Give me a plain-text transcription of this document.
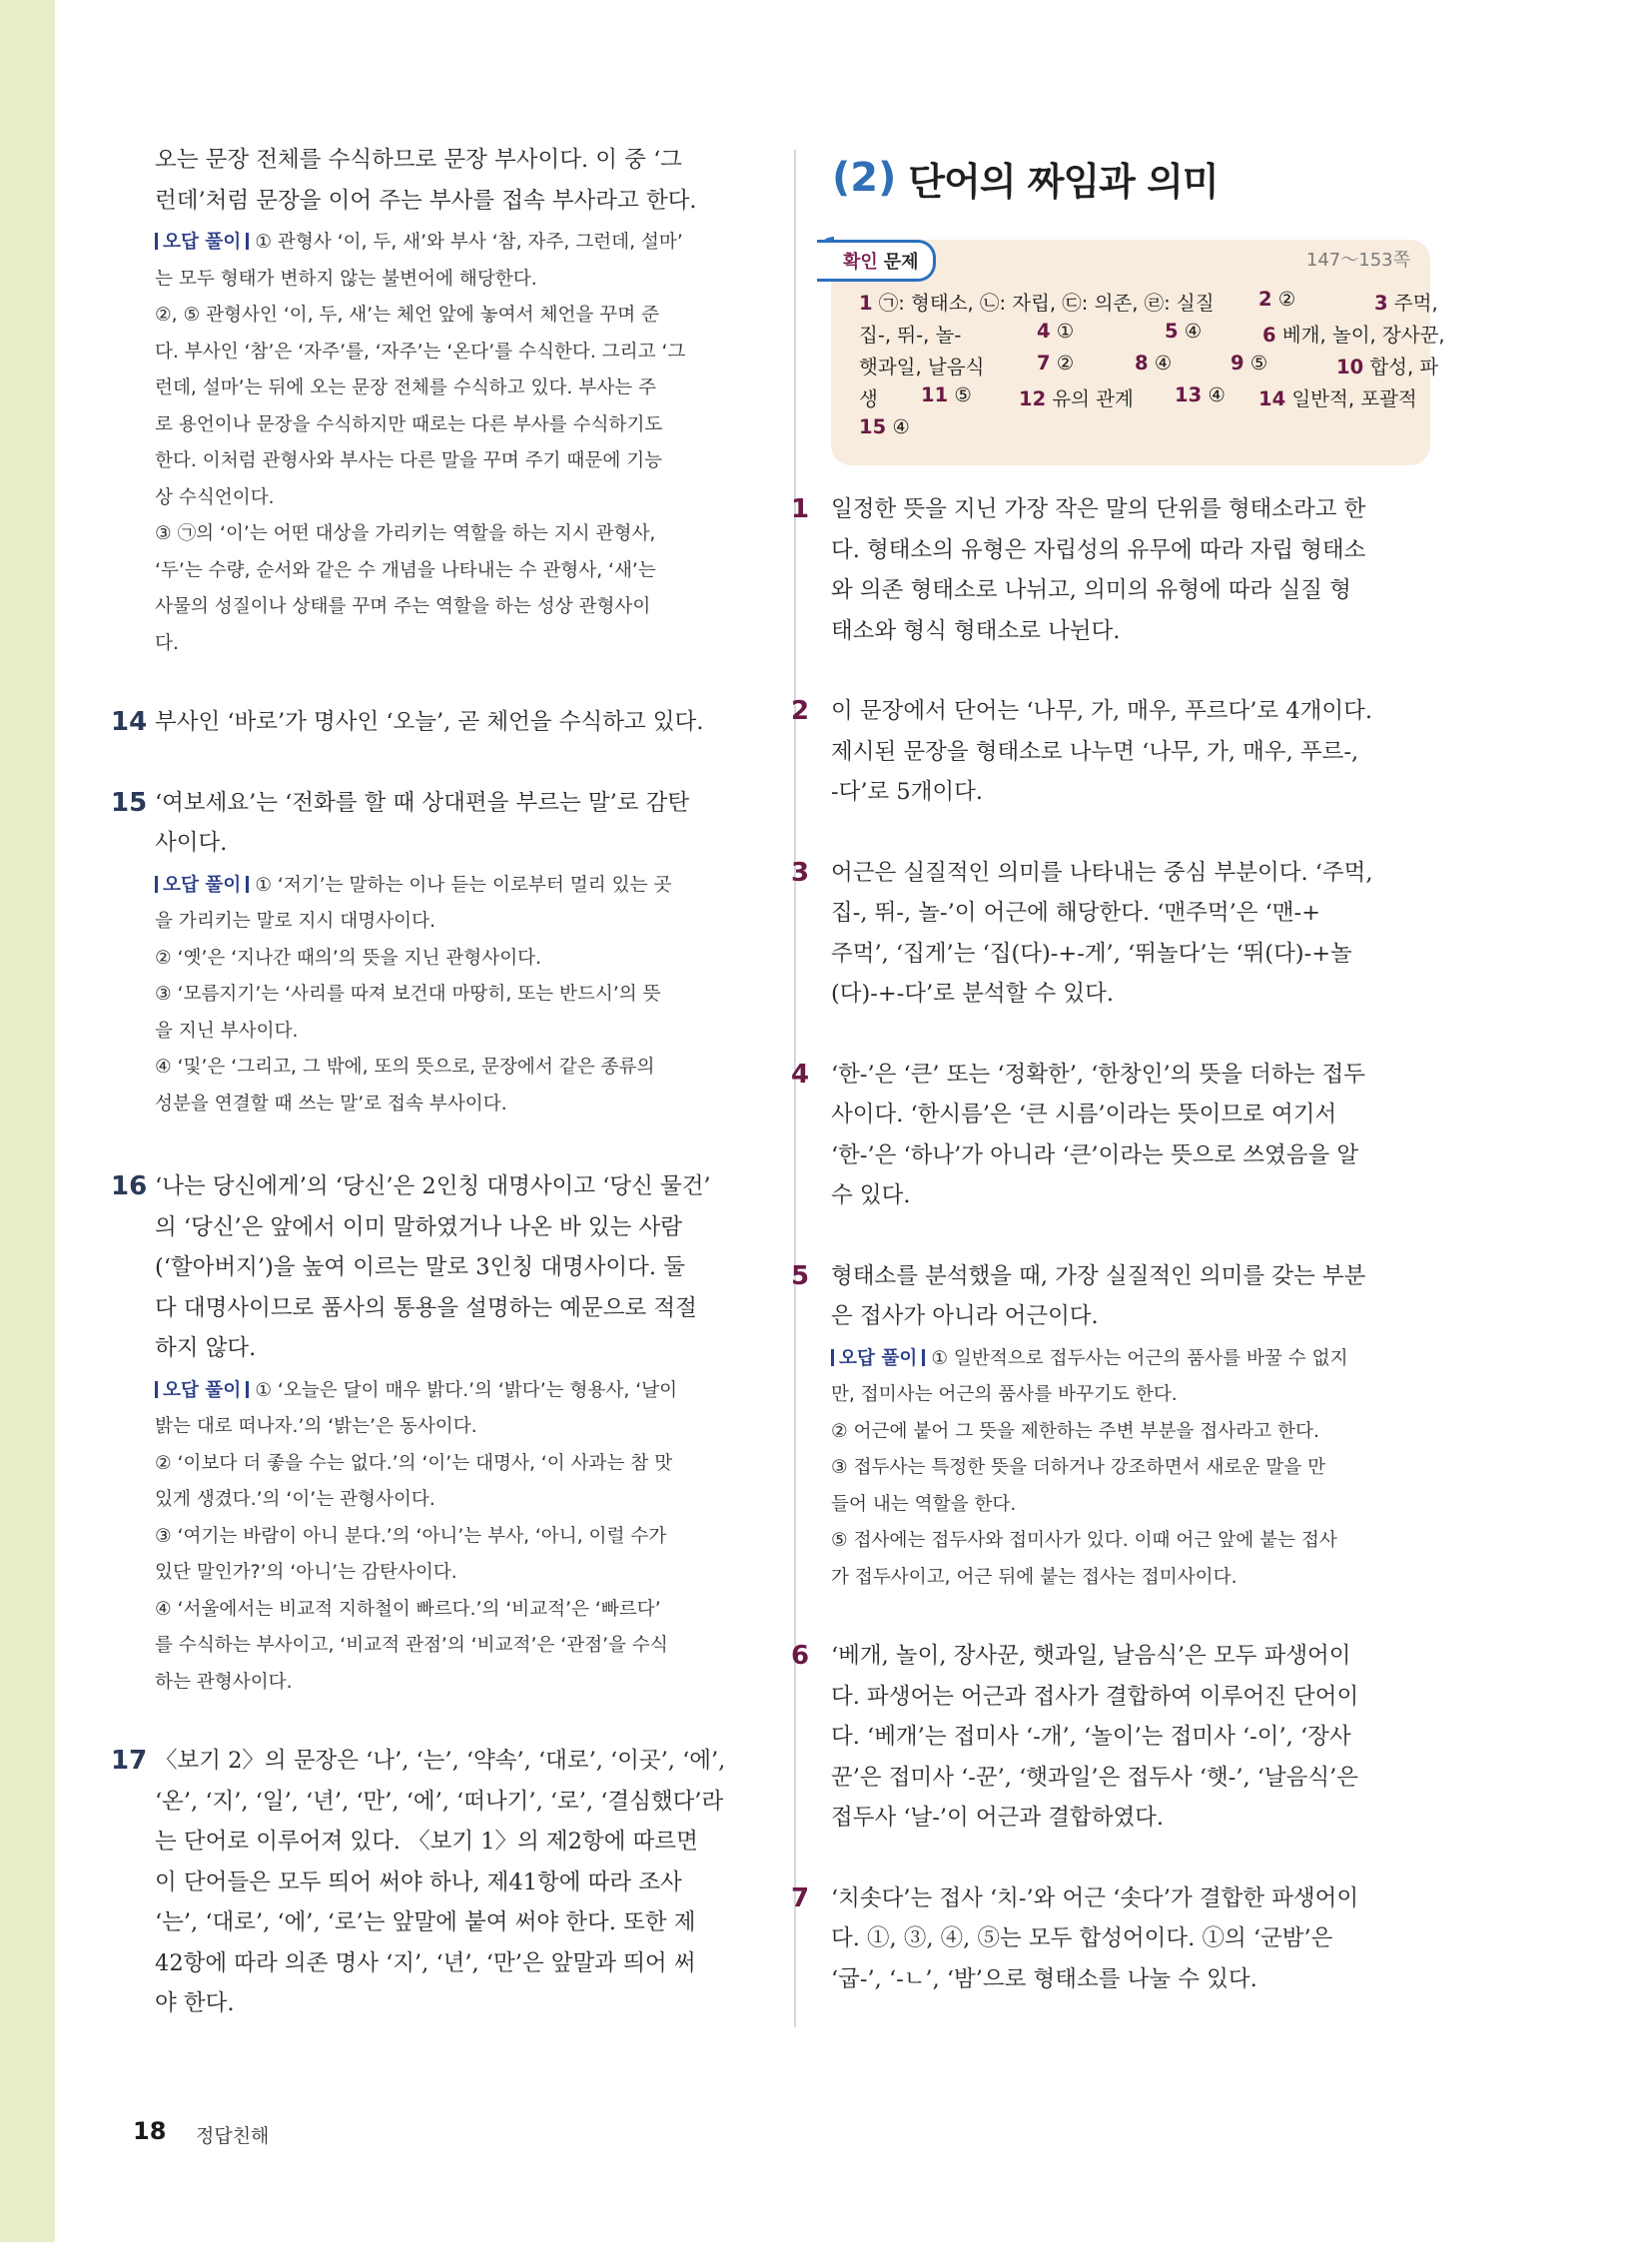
오는 문장 전체를 수식하므로 문장 부사이다. 이 중 ‘그

런데’처럼 문장을 이어 주는 부사를 접속 부사라고 한다.

오답 풀이 ① 관형사 ‘이, 두, 새’와 부사 ‘참, 자주, 그런데, 설마’

는 모두 형태가 변하지 않는 불변어에 해당한다.

②, ⑤ 관형사인 ‘이, 두, 새’는 체언 앞에 놓여서 체언을 꾸며 준

다. 부사인 ‘참’은 ‘자주’를, ‘자주’는 ‘온다’를 수식한다. 그리고 ‘그

런데, 설마’는 뒤에 오는 문장 전체를 수식하고 있다. 부사는 주

로 용언이나 문장을 수식하지만 때로는 다른 부사를 수식하기도

한다. 이처럼 관형사와 부사는 다른 말을 꾸며 주기 때문에 기능

상 수식언이다.

③ ㉠의 ‘이’는 어떤 대상을 가리키는 역할을 하는 지시 관형사,

‘두’는 수량, 순서와 같은 수 개념을 나타내는 수 관형사, ‘새’는

사물의 성질이나 상태를 꾸며 주는 역할을 하는 성상 관형사이

다.

14 부사인 ‘바로’가 명사인 ‘오늘’, 곧 체언을 수식하고 있다.

15 ‘여보세요’는 ‘전화를 할 때 상대편을 부르는 말’로 감탄

사이다.

오답 풀이 ① ‘저기’는 말하는 이나 듣는 이로부터 멀리 있는 곳

을 가리키는 말로 지시 대명사이다.

② ‘옛’은 ‘지나간 때의’의 뜻을 지닌 관형사이다.

③ ‘모름지기’는 ‘사리를 따져 보건대 마땅히, 또는 반드시’의 뜻

을 지닌 부사이다.

④ ‘및’은 ‘그리고, 그 밖에, 또의 뜻으로, 문장에서 같은 종류의

성분을 연결할 때 쓰는 말’로 접속 부사이다.

16 ‘나는 당신에게’의 ‘당신’은 2인칭 대명사이고 ‘당신 물건’

의 ‘당신’은 앞에서 이미 말하였거나 나온 바 있는 사람

(‘할아버지’)을 높여 이르는 말로 3인칭 대명사이다. 둘

다 대명사이므로 품사의 통용을 설명하는 예문으로 적절

하지 않다.

오답 풀이 ① ‘오늘은 달이 매우 밝다.’의 ‘밝다’는 형용사, ‘날이

밝는 대로 떠나자.’의 ‘밝는’은 동사이다.

② ‘이보다 더 좋을 수는 없다.’의 ‘이’는 대명사, ‘이 사과는 참 맛

있게 생겼다.’의 ‘이’는 관형사이다.

③ ‘여기는 바람이 아니 분다.’의 ‘아니’는 부사, ‘아니, 이럴 수가

있단 말인가?’의 ‘아니’는 감탄사이다.

④ ‘서울에서는 비교적 지하철이 빠르다.’의 ‘비교적’은 ‘빠르다’

를 수식하는 부사이고, ‘비교적 관점’의 ‘비교적’은 ‘관점’을 수식

하는 관형사이다.

17 〈보기 2〉의 문장은 ‘나’, ‘는’, ‘약속’, ‘대로’, ‘이곳’, ‘에’,

‘온’, ‘지’, ‘일’, ‘년’, ‘만’, ‘에’, ‘떠나기’, ‘로’, ‘결심했다’라

는 단어로 이루어져 있다. 〈보기 1〉의 제2항에 따르면

이 단어들은 모두 띄어 써야 하나, 제41항에 따라 조사

‘는’, ‘대로’, ‘에’, ‘로’는 앞말에 붙여 써야 한다. 또한 제

42항에 따라 의존 명사 ‘지’, ‘년’, ‘만’은 앞말과 띄어 써

야 한다.

(2) 단어의 짜임과 의미
확인 문제	147～153쪽
1 ㉠: 형태소, ㉡: 자립, ㉢: 의존, ㉣: 실질 2 ②	3 주먹,
집-, 뛰-, 놀-	4 ①	5 ④	6 베개, 놀이, 장사꾼,
햇과일, 날음식	7 ②	8 ④	9 ⑤	10 합성, 파
생 11 ⑤ 12 유의 관계 13 ④ 14 일반적, 포괄적
15 ④
1 일정한 뜻을 지닌 가장 작은 말의 단위를 형태소라고 한

다. 형태소의 유형은 자립성의 유무에 따라 자립 형태소

와 의존 형태소로 나뉘고, 의미의 유형에 따라 실질 형

태소와 형식 형태소로 나뉜다.

2 이 문장에서 단어는 ‘나무, 가, 매우, 푸르다’로 4개이다.

제시된 문장을 형태소로 나누면 ‘나무, 가, 매우, 푸르-,

-다’로 5개이다.

3 어근은 실질적인 의미를 나타내는 중심 부분이다. ‘주먹,

집-, 뛰-, 놀-’이 어근에 해당한다. ‘맨주먹’은 ‘맨-+

주먹’, ‘집게’는 ‘집(다)-+-게’, ‘뛰놀다’는 ‘뛰(다)-+놀

(다)-+-다’로 분석할 수 있다.

4 ‘한-’은 ‘큰’ 또는 ‘정확한’, ‘한창인’의 뜻을 더하는 접두

사이다. ‘한시름’은 ‘큰 시름’이라는 뜻이므로 여기서

‘한-’은 ‘하나’가 아니라 ‘큰’이라는 뜻으로 쓰였음을 알

수 있다.

5 형태소를 분석했을 때, 가장 실질적인 의미를 갖는 부분

은 접사가 아니라 어근이다.

오답 풀이 ① 일반적으로 접두사는 어근의 품사를 바꿀 수 없지

만, 접미사는 어근의 품사를 바꾸기도 한다.

② 어근에 붙어 그 뜻을 제한하는 주변 부분을 접사라고 한다.

③ 접두사는 특정한 뜻을 더하거나 강조하면서 새로운 말을 만

들어 내는 역할을 한다.

⑤ 접사에는 접두사와 접미사가 있다. 이때 어근 앞에 붙는 접사

가 접두사이고, 어근 뒤에 붙는 접사는 접미사이다.

6 ‘베개, 놀이, 장사꾼, 햇과일, 날음식’은 모두 파생어이

다. 파생어는 어근과 접사가 결합하여 이루어진 단어이

다. ‘베개’는 접미사 ‘-개’, ‘놀이’는 접미사 ‘-이’, ‘장사

꾼’은 접미사 ‘-꾼’, ‘햇과일’은 접두사 ‘햇-’, ‘날음식’은

접두사 ‘날-’이 어근과 결합하였다.

7 ‘치솟다’는 접사 ‘치-’와 어근 ‘솟다’가 결합한 파생어이

다. ①, ③, ④, ⑤는 모두 합성어이다. ①의 ‘군밤’은

‘굽-’, ‘-ㄴ’, ‘밤’으로 형태소를 나눌 수 있다.

18 정답친해
